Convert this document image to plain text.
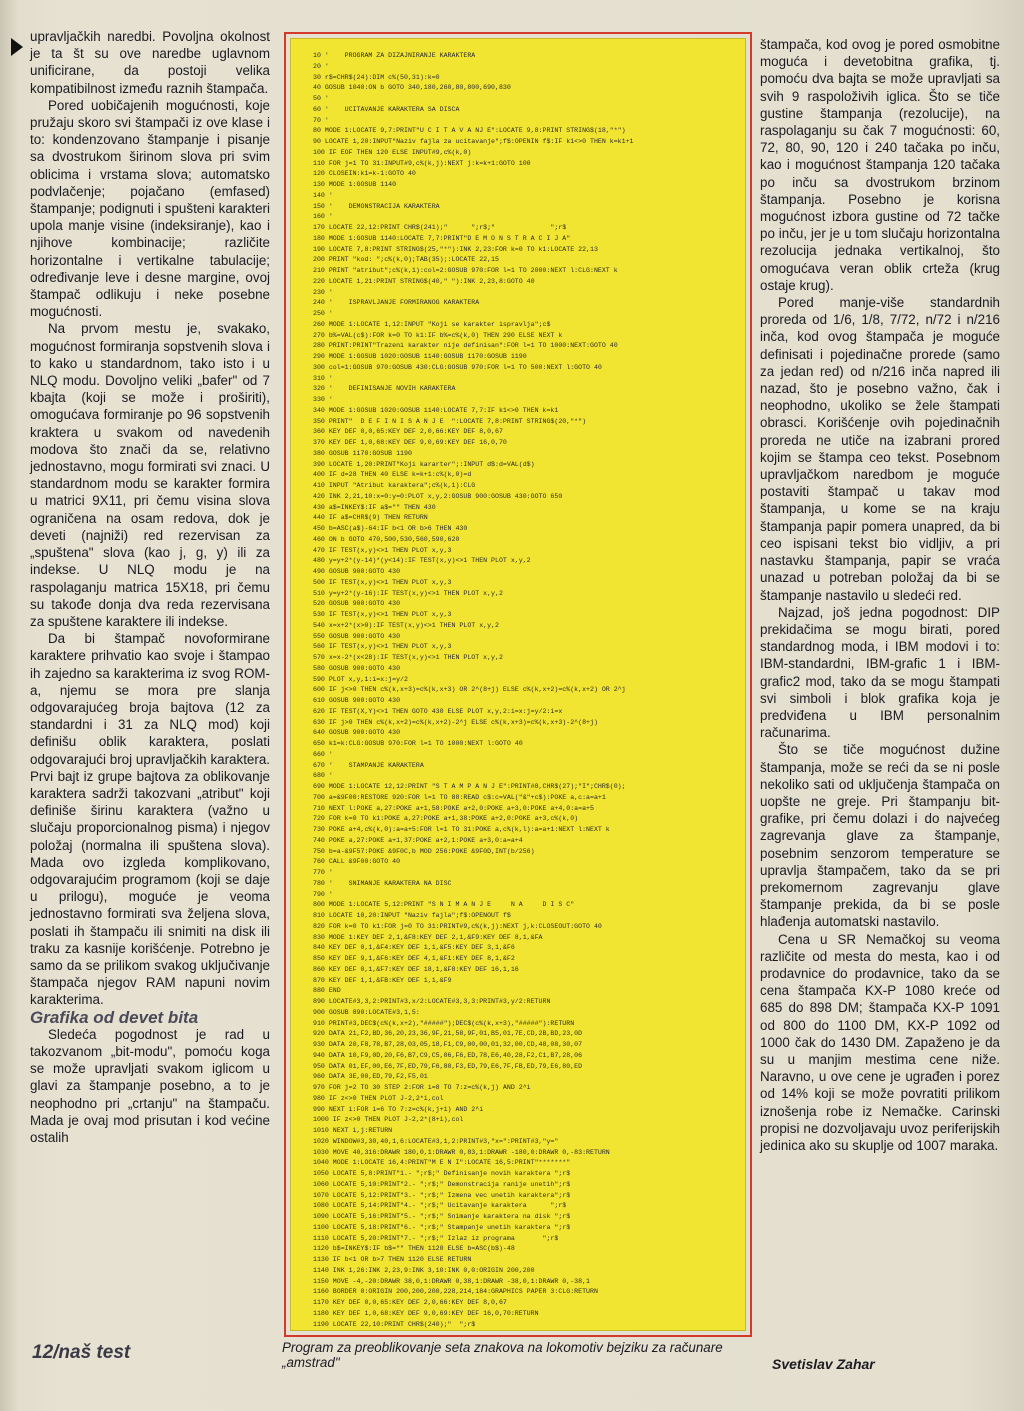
upravljačkih naredbi. Povoljna okolnost je ta št su ove naredbe uglavnom unificirane, da postoji velika kompatibilnost između raznih štampača.

Pored uobičajenih mogućnosti, koje pružaju skoro svi štampači iz ove klase i to: kondenzovano štampanje i pisanje sa dvostrukom širinom slova pri svim oblicima i vrstama slova; automatsko podvlačenje; pojačano (emfased) štampanje; podignuti i spušteni karakteri upola manje visine (indeksiranje), kao i njihove kombinacije; različite horizontalne i vertikalne tabulacije; određivanje leve i desne margine, ovoj štampač odlikuju i neke posebne mogućnosti.

Na prvom mestu je, svakako, mogućnost formiranja sopstvenih slova i to kako u standardnom, tako isto i u NLQ modu. Dovoljno veliki „bafer" od 7 kbajta (koji se može i proširiti), omogućava formiranje po 96 sopstvenih kraktera u svakom od navedenih modova što znači da se, relativno jednostavno, mogu formirati svi znaci. U standardnom modu se karakter formira u matrici 9X11, pri čemu visina slova ograničena na osam redova, dok je deveti (najniži) red rezervisan za „spuštena" slova (kao j, g, y) ili za indekse. U NLQ modu je na raspolaganju matrica 15X18, pri čemu su takođe donja dva reda rezervisana za spuštene karaktere ili indekse.

Da bi štampač novoformirane karaktere prihvatio kao svoje i štampao ih zajedno sa karakterima iz svog ROM-a, njemu se mora pre slanja odgovarajućeg broja bajtova (12 za standardni i 31 za NLQ mod) koji definišu oblik karaktera, poslati odgovarajući broj upravljačkih karaktera. Prvi bajt iz grupe bajtova za oblikovanje karaktera sadrži takozvani „atribut" koji definiše širinu karaktera (važno u slučaju proporcionalnog pisma) i njegov položaj (normalna ili spuštena slova). Mada ovo izgleda komplikovano, odgovarajućim programom (koji se daje u prilogu), moguće je veoma jednostavno formirati sva željena slova, poslati ih štampaču ili snimiti na disk ili traku za kasnije korišćenje. Potrebno je samo da se prilikom svakog uključivanje štampača njegov RAM napuni novim karakterima.

Grafika od devet bita

Sledeća pogodnost je rad u takozvanom „bit-modu", pomoću koga se može upravljati svakom iglicom u glavi za štampanje posebno, a to je neophodno pri „crtanju" na štampaču. Mada je ovaj mod prisutan i kod većine ostalih

10 '    PROGRAM ZA DIZAJNIRANJE KARAKTERA
20 '
30 r$=CHR$(24):DIM c%(50,31):k=0
40 GOSUB 1040:ON b GOTO 340,180,260,80,800,690,830
50 '
60 '    UCITAVANJE KARAKTERA SA DISCA
70 '
80 MODE 1:LOCATE 9,7:PRINT"U C I T A V A NJ E":LOCATE 9,8:PRINT STRING$(18,"*")
90 LOCATE 1,20:INPUT"Naziv fajla za ucitavanje";f$:OPENIN f$:IF k1<>0 THEN k=k1+1
100 IF EOF THEN 120 ELSE INPUT#9,c%(k,0)
110 FOR j=1 TO 31:INPUT#9,c%(k,j):NEXT j:k=k+1:GOTO 100
120 CLOSEIN:k1=k-1:GOTO 40
130 MODE 1:GOSUB 1140
140 '
150 '    DEMONSTRACIJA KARAKTERA
160 '
170 LOCATE 22,12:PRINT CHR$(241);"      ";r$;"              ";r$
180 MODE 1:GOSUB 1140:LOCATE 7,7:PRINT"D E M O N S T R A C I J A"
190 LOCATE 7,8:PRINT STRING$(25,"*"):INK 2,23:FOR k=0 TO k1:LOCATE 22,13
200 PRINT "kod: ";c%(k,0);TAB(35);:LOCATE 22,15
210 PRINT "atribut";c%(k,1):col=2:GOSUB 970:FOR l=1 TO 2000:NEXT l:CLG:NEXT k
220 LOCATE 1,21:PRINT STRING$(40," "):INK 2,23,8:GOTO 40
230 '
240 '    ISPRAVLJANJE FORMIRANOG KARAKTERA
250 '
260 MODE 1:LOCATE 1,12:INPUT "Koji se karakter ispravlja";c$
270 b%=VAL(c$):FOR k=0 TO k1:IF b%=c%(k,0) THEN 290 ELSE NEXT k
280 PRINT:PRINT"Trazeni karakter nije definisan":FOR l=1 TO 1000:NEXT:GOTO 40
290 MODE 1:GOSUB 1020:GOSUB 1140:GOSUB 1170:GOSUB 1190
300 col=1:GOSUB 970:GOSUB 430:CLG:GOSUB 970:FOR l=1 TO 500:NEXT l:GOTO 40
310 '
320 '    DEFINISANJE NOVIH KARAKTERA
330 '
340 MODE 1:GOSUB 1020:GOSUB 1140:LOCATE 7,7:IF k1<>0 THEN k=k1
350 PRINT"  D E F I N I S A N J E  ":LOCATE 7,8:PRINT STRING$(20,"*")
360 KEY DEF 0,0,65:KEY DEF 2,0,66:KEY DEF 8,0,67
370 KEY DEF 1,0,68:KEY DEF 9,0,69:KEY DEF 16,0,70
380 GOSUB 1170:GOSUB 1190
390 LOCATE 1,20:PRINT"Koji kararter";:INPUT d$:d=VAL(d$)
400 IF d=28 THEN 40 ELSE k=k+1:c%(k,0)=d
410 INPUT "Atribut karaktera";c%(k,1):CLG
420 INK 2,21,10:x=0:y=0:PLOT x,y,2:GOSUB 900:GOSUB 430:GOTO 650
430 a$=INKEY$:IF a$="" THEN 430
440 IF a$=CHR$(9) THEN RETURN
450 b=ASC(a$)-64:IF b<1 OR b>6 THEN 430
460 ON b GOTO 470,500,530,560,590,620
470 IF TEST(x,y)<>1 THEN PLOT x,y,3
480 y=y+2*(y-14)*(y<14):IF TEST(x,y)<>1 THEN PLOT x,y,2
490 GOSUB 900:GOTO 430
500 IF TEST(x,y)<>1 THEN PLOT x,y,3
510 y=y+2*(y-16):IF TEST(x,y)<>1 THEN PLOT x,y,2
520 GOSUB 900:GOTO 430
530 IF TEST(x,y)<>1 THEN PLOT x,y,3
540 x=x+2*(x>0):IF TEST(x,y)<>1 THEN PLOT x,y,2
550 GOSUB 900:GOTO 430
560 IF TEST(x,y)<>1 THEN PLOT x,y,3
570 x=x-2*(x<28):IF TEST(x,y)<>1 THEN PLOT x,y,2
580 GOSUB 900:GOTO 430
590 PLOT x,y,1:i=x:j=y/2
600 IF j<>0 THEN c%(k,x+3)=c%(k,x+3) OR 2^(8+j) ELSE c%(k,x+2)=c%(k,x+2) OR 2^j
610 GOSUB 900:GOTO 430
620 IF TEST(X,Y)<>1 THEN GOTO 430 ELSE PLOT x,y,2:i=x:j=y/2:i=x
630 IF j>0 THEN c%(k,x+2)=c%(k,x+2)-2^j ELSE c%(k,x+3)=c%(k,x+3)-2^(8+j)
640 GOSUB 900:GOTO 430
650 k1=k:CLG:GOSUB 970:FOR l=1 TO 1000:NEXT l:GOTO 40
660 '
670 '    STAMPANJE KARAKTERA
680 '
690 MODE 1:LOCATE 12,12:PRINT "S T A M P A N J E":PRINT#8,CHR$(27);"I";CHR$(0);
700 a=&9F00:RESTORE 920:FOR l=1 TO 88:READ c$:c=VAL("&"+c$):POKE a,c:a=a+1
710 NEXT l:POKE a,27:POKE a+1,58:POKE a+2,0:POKE a+3,0:POKE a+4,0:a=a+5
720 FOR k=0 TO k1:POKE a,27:POKE a+1,38:POKE a+2,0:POKE a+3,c%(k,0)
730 POKE a+4,c%(k,0):a=a+5:FOR l=1 TO 31:POKE a,c%(k,l):a=a+1:NEXT l:NEXT k
740 POKE a,27:POKE a+1,37:POKE a+2,1:POKE a+3,0:a=a+4
750 b=a-&9F57:POKE &9F0C,b MOD 256:POKE &9F0D,INT(b/256)
760 CALL &9F00:GOTO 40
770 '
780 '    SNIMANJE KARAKTERA NA DISC
790 '
800 MODE 1:LOCATE 5,12:PRINT "S N I M A N J E     N A     D I S C"
810 LOCATE 10,20:INPUT "Naziv fajla";f$:OPENOUT f$
820 FOR k=0 TO k1:FOR j=0 TO 31:PRINT#9,c%(k,j):NEXT j,k:CLOSEOUT:GOTO 40
830 MODE 1:KEY DEF 2,1,&F8:KEY DEF 2,1,&F9:KEY DEF 8,1,&FA
840 KEY DEF 0,1,&F4:KEY DEF 1,1,&F5:KEY DEF 3,1,&F6
850 KEY DEF 9,1,&F6:KEY DEF 4,1,&F1:KEY DEF 8,1,&F2
860 KEY DEF 0,1,&F7:KEY DEF 18,1,&F8:KEY DEF 16,1,16
870 KEY DEF 1,1,&FB:KEY DEF 1,1,&F9
880 END
890 LOCATE#3,3,2:PRINT#3,x/2:LOCATE#3,3,3:PRINT#3,y/2:RETURN
900 GOSUB 890:LOCATE#3,1,5:
910 PRINT#3,DEC$(c%(k,x+2),"#####");DEC$(c%(k,x+3),"#####"):RETURN
920 DATA 21,F2,BD,36,20,23,36,9F,21,58,9F,01,B5,01,7E,CD,2B,BD,23,0D
930 DATA 20,F8,78,B7,28,03,05,18,F1,C9,00,00,01,32,00,CD,48,08,30,07
940 DATA 10,F9,0D,20,F6,B7,C9,C5,06,F6,ED,78,E6,40,28,F2,C1,B7,28,06
950 DATA 01,EF,00,E6,7F,ED,79,F6,80,F3,ED,79,E6,7F,FB,ED,79,E6,80,ED
960 DATA 3E,00,ED,79,F2,F5,01
970 FOR j=2 TO 30 STEP 2:FOR i=8 TO 7:z=c%(k,j) AND 2^i
980 IF z<>0 THEN PLOT J-2,2*i,col
990 NEXT i:FOR i=6 TO 7:z=c%(k,j+1) AND 2^i
1000 IF z<>0 THEN PLOT J-2,2*(8+i),col
1010 NEXT i,j:RETURN
1020 WINDOW#3,30,40,1,6:LOCATE#3,1,2:PRINT#3,"x=":PRINT#3,"y="
1030 MOVE 40,316:DRAWR 180,0,1:DRAWR 0,83,1:DRAWR -180,0:DRAWR 0,-83:RETURN
1040 MODE 1:LOCATE 16,4:PRINT"M E N I":LOCATE 16,5:PRINT"*******"
1050 LOCATE 5,8:PRINT"1.- ";r$;" Definisanje novih karaktera ";r$
1060 LOCATE 5,10:PRINT"2.- ";r$;" Demonstracija ranije unetih";r$
1070 LOCATE 5,12:PRINT"3.- ";r$;" Izmena vec unetih karaktera";r$
1080 LOCATE 5,14:PRINT"4.- ";r$;" Ucitavanje karaktera      ";r$
1090 LOCATE 5,16:PRINT"5.- ";r$;" Snimanje karaktera na disk ";r$
1100 LOCATE 5,18:PRINT"6.- ";r$;" Stampanje unetih karaktera ";r$
1110 LOCATE 5,20:PRINT"7.- ";r$;" Izlaz iz programa       ";r$
1120 b$=INKEY$:IF b$="" THEN 1120 ELSE b=ASC(b$)-48
1130 IF b<1 OR b>7 THEN 1120 ELSE RETURN
1140 INK 1,26:INK 2,23,9:INK 3,10:INK 0,0:ORIGIN 200,200
1150 MOVE -4,-20:DRAWR 38,0,1:DRAWR 0,38,1:DRAWR -38,0,1:DRAWR 0,-38,1
1160 BORDER 0:ORIGIN 200,200,200,228,214,184:GRAPHICS PAPER 3:CLG:RETURN
1170 KEY DEF 0,0,65:KEY DEF 2,0,66:KEY DEF 8,0,67
1180 KEY DEF 1,0,68:KEY DEF 9,0,69:KEY DEF 16,0,70:RETURN
1190 LOCATE 22,10:PRINT CHR$(240);"  ";r$
Program za preoblikovanje seta znakova na lokomotiv bejziku za računare „amstrad"

štampača, kod ovog je pored osmobitne moguća i devetobitna grafika, tj. pomoću dva bajta se može upravljati sa svih 9 raspoloživih iglica. Što se tiče gustine štampanja (rezolucije), na raspolaganju su čak 7 mogućnosti: 60, 72, 80, 90, 120 i 240 tačaka po inču, kao i mogućnost štampanja 120 tačaka po inču sa dvostrukom brzinom štampanja. Posebno je korisna mogućnost izbora gustine od 72 tačke po inču, jer je u tom slučaju horizontalna rezolucija jednaka vertikalnoj, što omogućava veran oblik crteža (krug ostaje krug).

Pored manje-više standardnih proreda od 1/6, 1/8, 7/72, n/72 i n/216 inča, kod ovog štampača je moguće definisati i pojedinačne prorede (samo za jedan red) od n/216 inča napred ili nazad, što je posebno važno, čak i neophodno, ukoliko se žele štampati obrasci. Korišćenje ovih pojedinačnih proreda ne utiče na izabrani prored kojim se štampa ceo tekst. Posebnom upravljačkom naredbom je moguće postaviti štampač u takav mod štampanja, u kome se na kraju štampanja papir pomera unapred, da bi ceo ispisani tekst bio vidljiv, a pri nastavku štampanja, papir se vraća unazad u potreban položaj da bi se štampanje nastavilo u sledeći red.

Najzad, još jedna pogodnost: DIP prekidačima se mogu birati, pored standardnog moda, i IBM modovi i to: IBM-standardni, IBM-grafic 1 i IBM-grafic2 mod, tako da se mogu štampati svi simboli i blok grafika koja je predviđena u IBM personalnim računarima.

Što se tiče mogućnost dužine štampanja, može se reći da se ni posle nekoliko sati od uključenja štampača on uopšte ne greje. Pri štampanju bit-grafike, pri čemu dolazi i do najvećeg zagrevanja glave za štampanje, posebnim senzorom temperature se upravlja štampačem, tako da se pri prekomernom zagrevanju glave štampanje prekida, da bi se posle hlađenja automatski nastavilo.

Cena u SR Nemačkoj su veoma različite od mesta do mesta, kao i od prodavnice do prodavnice, tako da se cena štampača KX-P 1080 kreće od 685 do 898 DM; štampača KX-P 1091 od 800 do 1100 DM, KX-P 1092 od 1000 čak do 1430 DM. Zapaženo je da su u manjim mestima cene niže. Naravno, u ove cene je ugrađen i porez od 14% koji se može povratiti prilikom iznošenja robe iz Nemačke. Carinski propisi ne dozvoljavaju uvoz periferijskih jedinica ako su skuplje od 1007 maraka.

12/naš test
Svetislav Zahar
